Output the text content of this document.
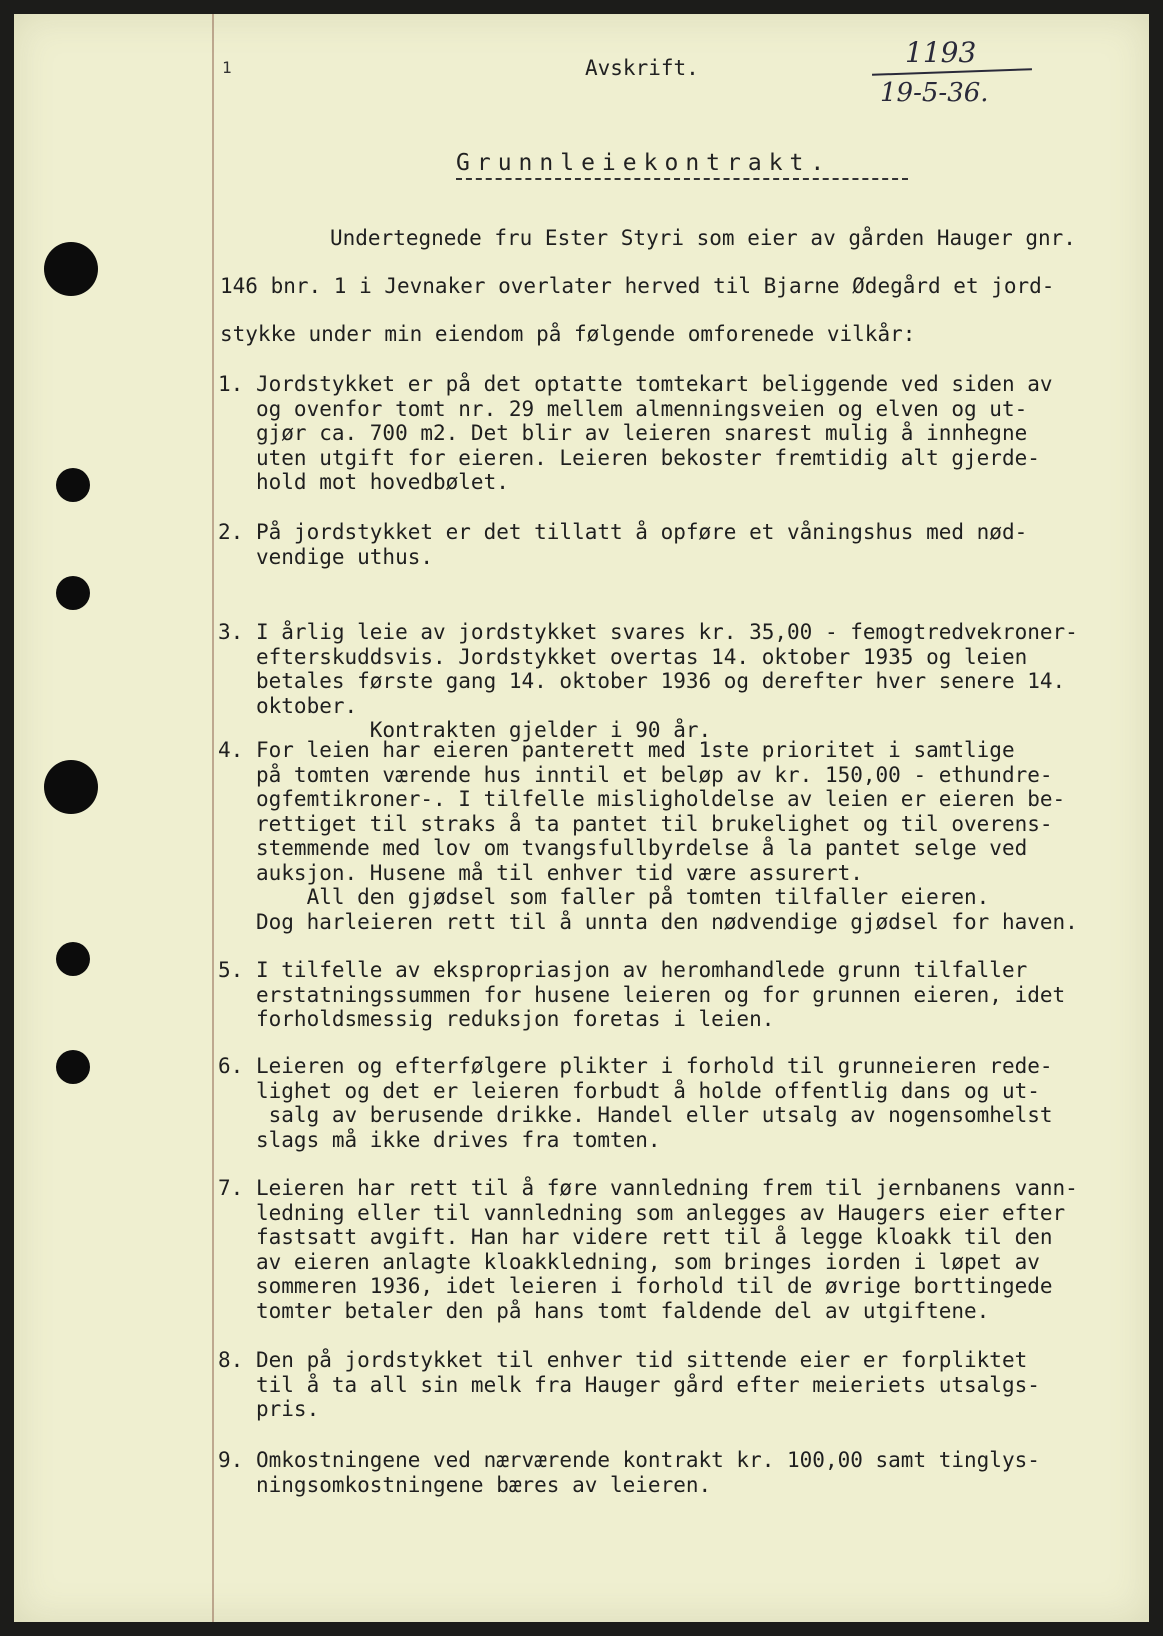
1	Avskrift.	1193
19-5-36.
Grunnleiekontrakt.
Undertegnede fru Ester Styri som eier av gården Hauger gnr.
146 bnr. 1 i Jevnaker overlater herved til Bjarne Ødegård et jord-
stykke under min eiendom på følgende omforenede vilkår:
1. Jordstykket er på det optatte tomtekart beliggende ved siden av
og ovenfor tomt nr. 29 mellem almenningsveien og elven og ut-
gjør ca. 700 m2. Det blir av leieren snarest mulig å innhegne
uten utgift for eieren. Leieren bekoster fremtidig alt gjerde-
hold mot hovedbølet.
2. På jordstykket er det tillatt å opføre et våningshus med nød-
vendige uthus.
3. I årlig leie av jordstykket svares kr. 35,00 - femogtredvekroner-
efterskuddsvis. Jordstykket overtas 14. oktober 1935 og leien
betales første gang 14. oktober 1936 og derefter hver senere 14.
oktober.
Kontrakten gjelder i 90 år.
4. For leien har eieren panterett med 1ste prioritet i samtlige
på tomten værende hus inntil et beløp av kr. 150,00 - ethundre-
ogfemtikroner-. I tilfelle misligholdelse av leien er eieren be-
rettiget til straks å ta pantet til brukelighet og til overens-
stemmende med lov om tvangsfullbyrdelse å la pantet selge ved
auksjon. Husene må til enhver tid være assurert.
All den gjødsel som faller på tomten tilfaller eieren.
Dog harleieren rett til å unnta den nødvendige gjødsel for haven.
5. I tilfelle av ekspropriasjon av heromhandlede grunn tilfaller
erstatningssummen for husene leieren og for grunnen eieren, idet
forholdsmessig reduksjon foretas i leien.
6. Leieren og efterfølgere plikter i forhold til grunneieren rede-
lighet og det er leieren forbudt å holde offentlig dans og ut-
salg av berusende drikke. Handel eller utsalg av nogensomhelst
slags må ikke drives fra tomten.
7. Leieren har rett til å føre vannledning frem til jernbanens vann-
ledning eller til vannledning som anlegges av Haugers eier efter
fastsatt avgift. Han har videre rett til å legge kloakk til den
av eieren anlagte kloakkledning, som bringes iorden i løpet av
sommeren 1936, idet leieren i forhold til de øvrige borttingede
tomter betaler den på hans tomt faldende del av utgiftene.
8. Den på jordstykket til enhver tid sittende eier er forpliktet
til å ta all sin melk fra Hauger gård efter meieriets utsalgs-
pris.
9. Omkostningene ved nærværende kontrakt kr. 100,00 samt tinglys-
ningsomkostningene bæres av leieren.
